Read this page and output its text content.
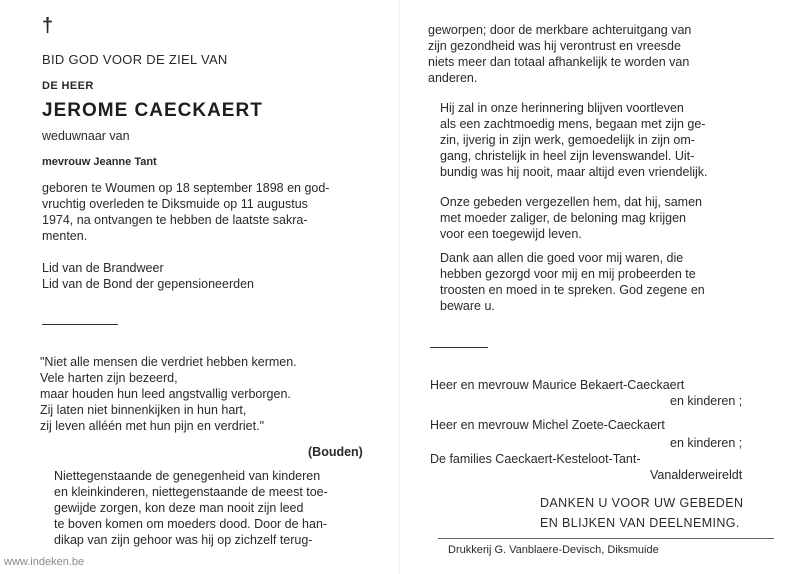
†
BID GOD VOOR DE ZIEL VAN
DE HEER
JEROME CAECKAERT
weduwnaar van
mevrouw Jeanne Tant
geboren te Woumen op 18 september 1898 en god-
vruchtig overleden te Diksmuide op 11 augustus
1974, na ontvangen te hebben de laatste sakra-
menten.
Lid van de Brandweer
Lid van de Bond der gepensioneerden
"Niet alle mensen die verdriet hebben kermen.
Vele harten zijn bezeerd,
maar houden hun leed angstvallig verborgen.
Zij laten niet binnenkijken in hun hart,
zij leven alléén met hun pijn en verdriet."
(Bouden)
Niettegenstaande de genegenheid van kinderen
en kleinkinderen, niettegenstaande de meest toe-
gewijde zorgen, kon deze man nooit zijn leed
te boven komen om moeders dood. Door de han-
dikap van zijn gehoor was hij op zichzelf terug-
geworpen; door de merkbare achteruitgang van
zijn gezondheid was hij verontrust en vreesde
niets meer dan totaal afhankelijk te worden van
anderen.
Hij zal in onze herinnering blijven voortleven
als een zachtmoedig mens, begaan met zijn ge-
zin, ijverig in zijn werk, gemoedelijk in zijn om-
gang, christelijk in heel zijn levenswandel. Uit-
bundig was hij nooit, maar altijd even vriendelijk.
Onze gebeden vergezellen hem, dat hij, samen
met moeder zaliger, de beloning mag krijgen
voor een toegewijd leven.
Dank aan allen die goed voor mij waren, die
hebben gezorgd voor mij en mij probeerden te
troosten en moed in te spreken. God zegene en
beware u.
Heer en mevrouw Maurice Bekaert-Caeckaert
en kinderen ;
Heer en mevrouw Michel Zoete-Caeckaert
en kinderen ;
De families Caeckaert-Kesteloot-Tant-
Vanalderweireldt
DANKEN U VOOR UW GEBEDEN
EN BLIJKEN VAN DEELNEMING.
Drukkerij G. Vanblaere-Devisch, Diksmuide
www.indeken.be
